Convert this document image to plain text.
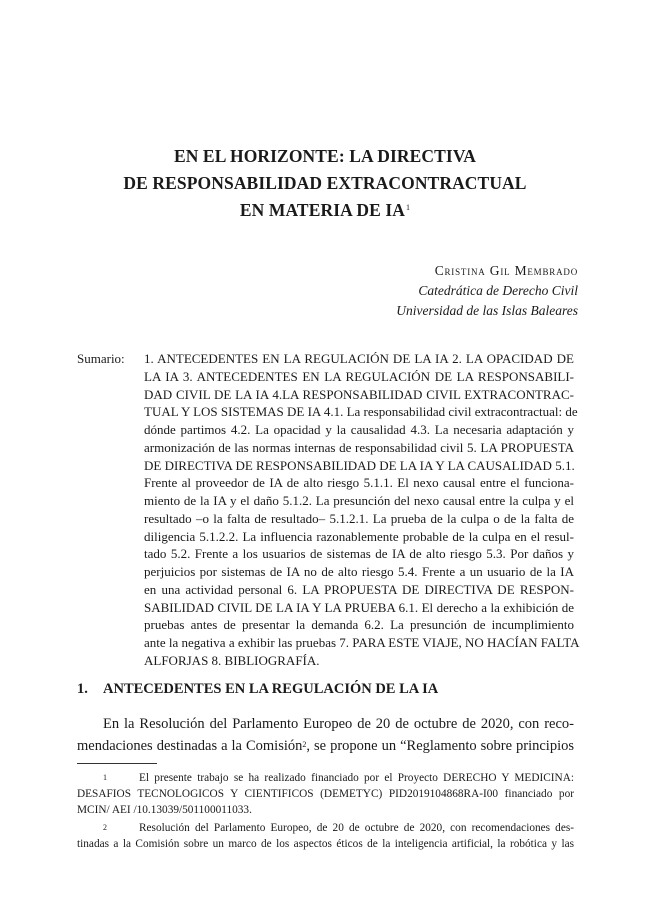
EN EL HORIZONTE: LA DIRECTIVA
DE RESPONSABILIDAD EXTRACONTRACTUAL
EN MATERIA DE $IA^1$
Cristina Gil Membrado
Catedrática de Derecho Civil
Universidad de las Islas Baleares
Sumario: 1. ANTECEDENTES EN LA REGULACIÓN DE LA IA 2. LA OPACIDAD DE
LA IA 3. ANTECEDENTES EN LA REGULACIÓN DE LA RESPONSABILI-
DAD CIVIL DE LA IA 4.LA RESPONSABILIDAD CIVIL EXTRACONTRAC-
TUAL Y LOS SISTEMAS DE IA 4.1. La responsabilidad civil extracontractual: de
dónde partimos 4.2. La opacidad y la causalidad 4.3. La necesaria adaptación y
armonización de las normas internas de responsabilidad civil 5. LA PROPUESTA
DE DIRECTIVA DE RESPONSABILIDAD DE LA IA Y LA CAUSALIDAD 5.1.
Frente al proveedor de IA de alto riesgo 5.1.1. El nexo causal entre el funciona-
miento de la IA y el daño 5.1.2. La presunción del nexo causal entre la culpa y el
resultado –o la falta de resultado– 5.1.2.1. La prueba de la culpa o de la falta de
diligencia 5.1.2.2. La influencia razonablemente probable de la culpa en el resul-
tado 5.2. Frente a los usuarios de sistemas de IA de alto riesgo 5.3. Por daños y
perjuicios por sistemas de IA no de alto riesgo 5.4. Frente a un usuario de la IA
en una actividad personal 6. LA PROPUESTA DE DIRECTIVA DE RESPON-
SABILIDAD CIVIL DE LA IA Y LA PRUEBA 6.1. El derecho a la exhibición de
pruebas antes de presentar la demanda 6.2. La presunción de incumplimiento
ante la negativa a exhibir las pruebas 7. PARA ESTE VIAJE, NO HACÍAN FALTA
ALFORJAS 8. BIBLIOGRAFÍA.
1. ANTECEDENTES EN LA REGULACIÓN DE LA IA
En la Resolución del Parlamento Europeo de 20 de octubre de 2020, con reco-
mendaciones destinadas a la Comisión$^2$, se propone un “Reglamento sobre principios
1	El presente trabajo se ha realizado financiado por el Proyecto DERECHO Y MEDICINA:
DESAFIOS TECNOLOGICOS Y CIENTIFICOS (DEMETYC) PID2019104868RA-I00 financiado por
MCIN/ AEI /10.13039/501100011033.
2	Resolución del Parlamento Europeo, de 20 de octubre de 2020, con recomendaciones des-
tinadas a la Comisión sobre un marco de los aspectos éticos de la inteligencia artificial, la robótica y las
